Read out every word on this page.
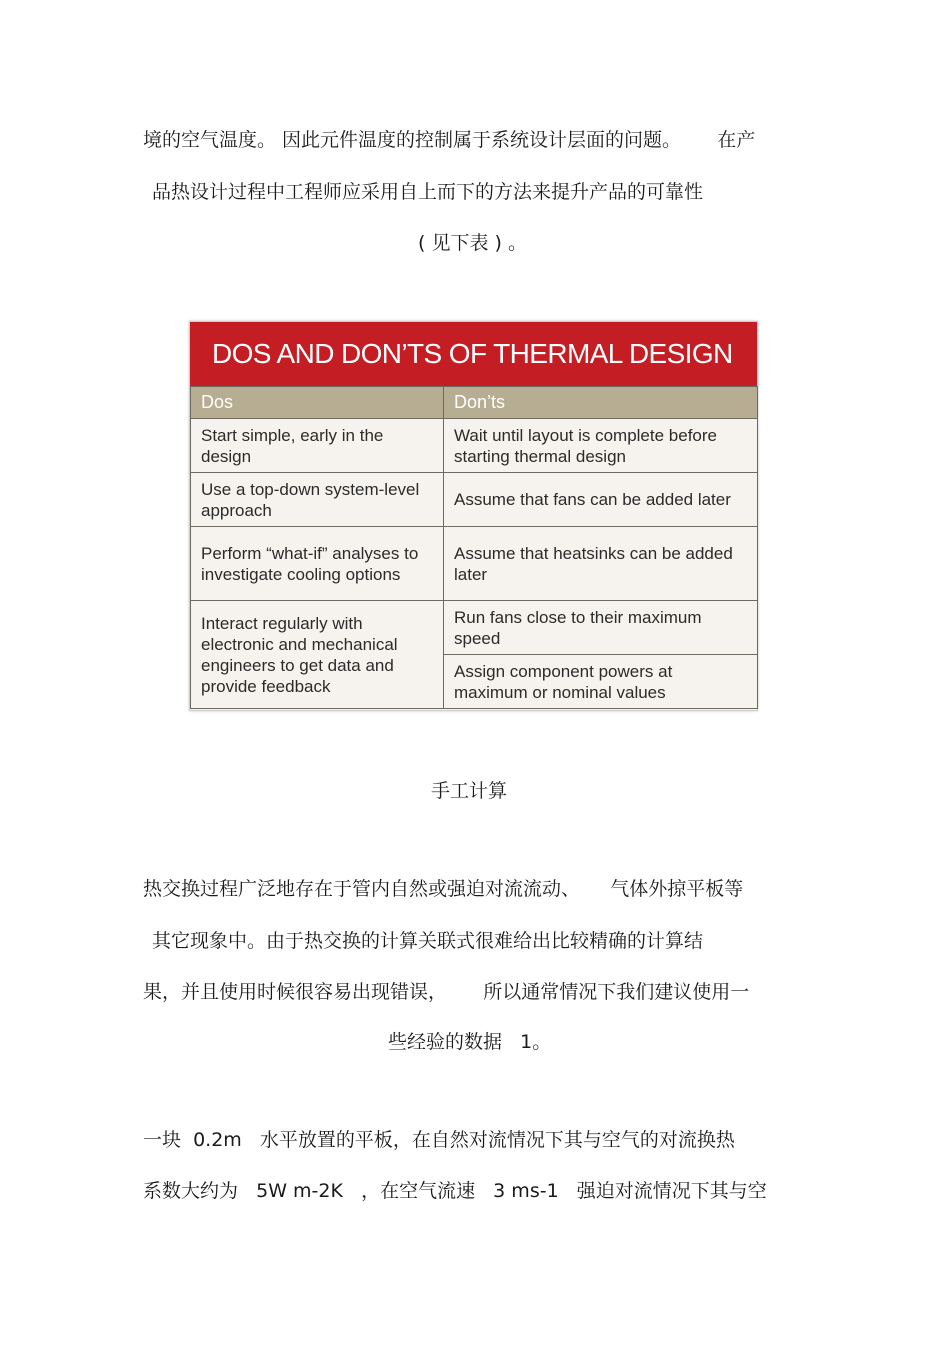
境的空气温度。 因此元件温度的控制属于系统设计层面的问题。      在产
品热设计过程中工程师应采用自上而下的方法来提升产品的可靠性
( 见下表 ) 。
DOS AND DON’TS OF THERMAL DESIGN
Dos	Don’ts
Start simple, early in the design	Wait until layout is complete before starting thermal design
Use a top-down system-level approach	Assume that fans can be added later
Perform “what-if” analyses to investigate cooling options	Assume that heatsinks can be added later
Interact regularly with electronic and mechanical engineers to get data and provide feedback	Run fans close to their maximum speed
	Assign component powers at maximum or nominal values
手工计算
热交换过程广泛地存在于管内自然或强迫对流流动、     气体外掠平板等
其它现象中。由于热交换的计算关联式很难给出比较精确的计算结
果，并且使用时候很容易出现错误，      所以通常情况下我们建议使用一
些经验的数据   1。
一块  0.2m   水平放置的平板，在自然对流情况下其与空气的对流换热
系数大约为   5W m-2K   ，在空气流速   3 ms-1   强迫对流情况下其与空
